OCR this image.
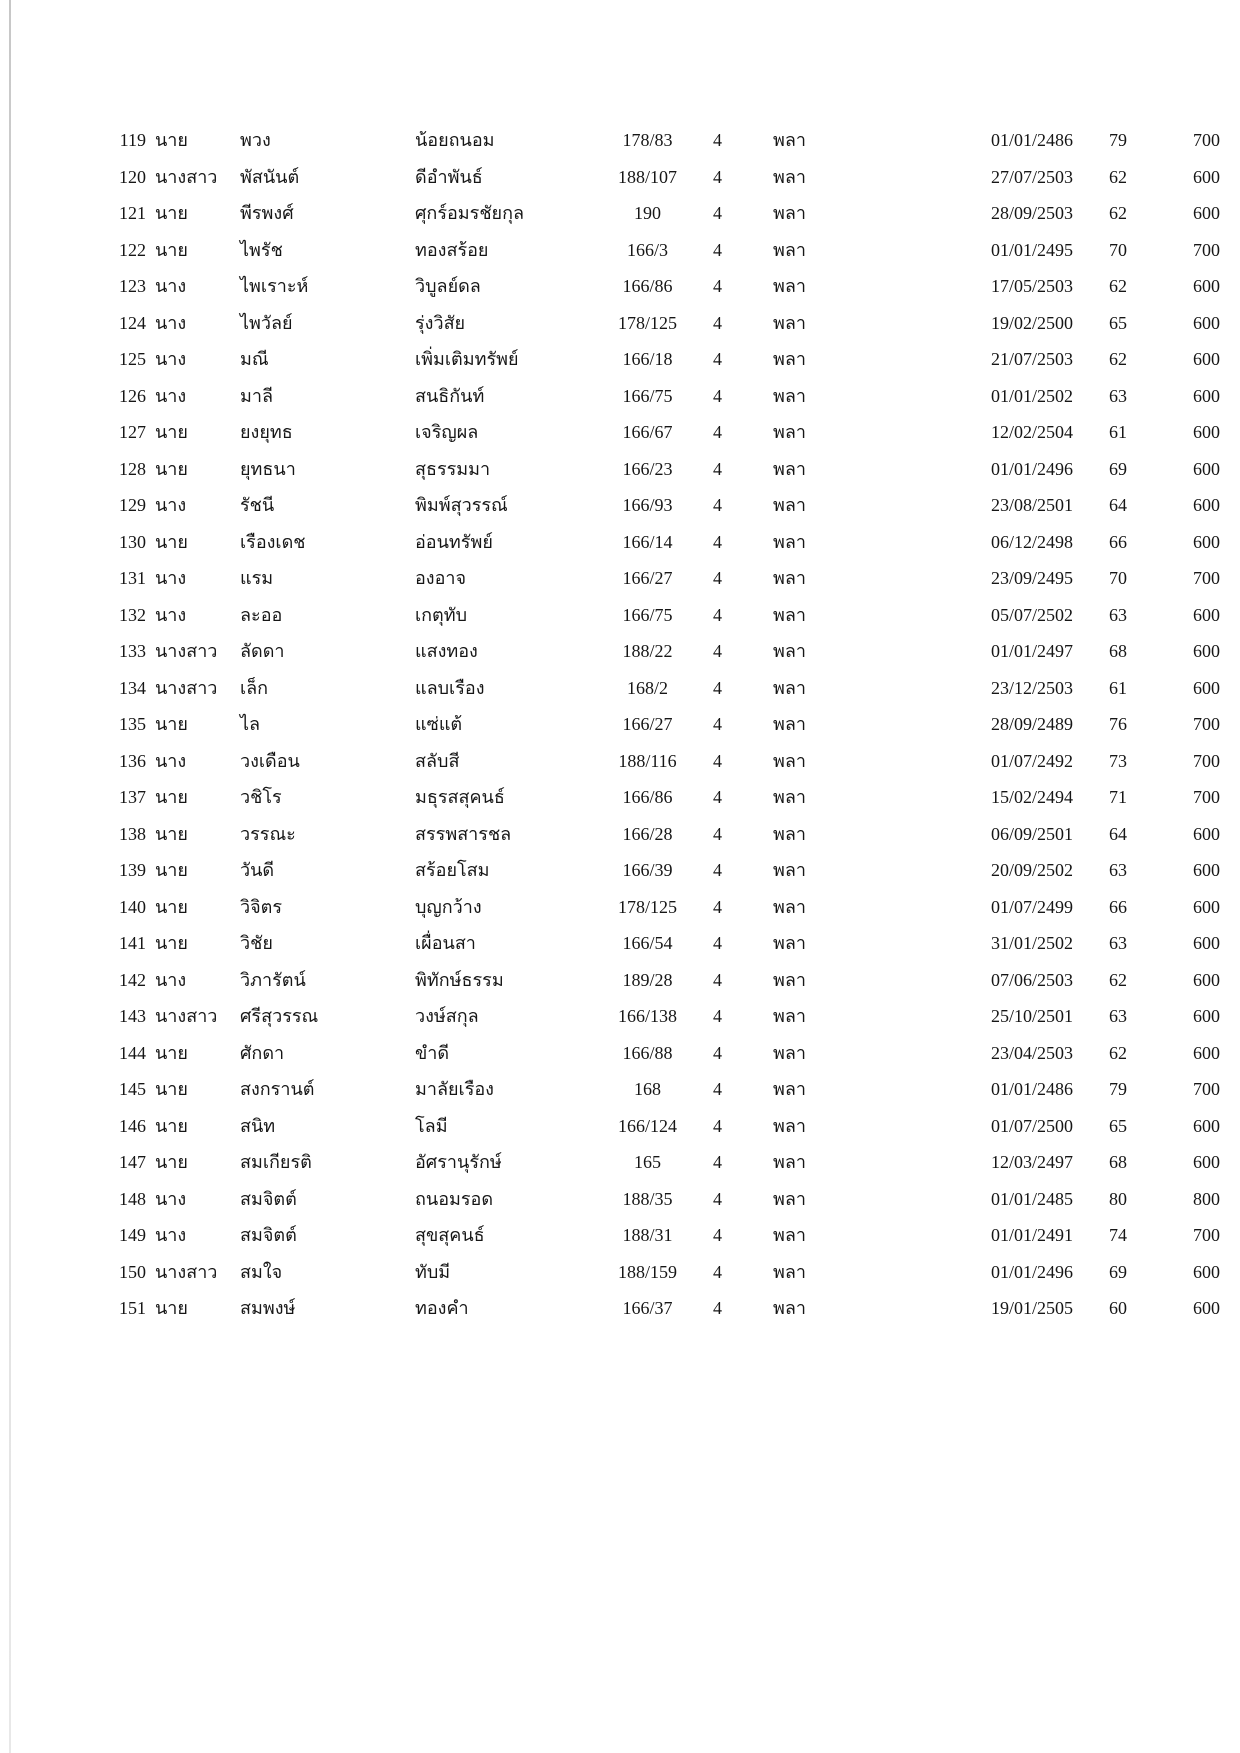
119 นาย	พวง	น้อยถนอม	178/83	4	พลา	01/01/2486	79	700
120 นางสาว	พัสนันต์	ดีอำพันธ์	188/107	4	พลา	27/07/2503	62	600
121 นาย	พีรพงศ์	ศุกร์อมรชัยกุล	190	4	พลา	28/09/2503	62	600
122 นาย	ไพรัช	ทองสร้อย	166/3	4	พลา	01/01/2495	70	700
123 นาง	ไพเราะห์	วิบูลย์ดล	166/86	4	พลา	17/05/2503	62	600
124 นาง	ไพวัลย์	รุ่งวิสัย	178/125	4	พลา	19/02/2500	65	600
125 นาง	มณี	เพิ่มเติมทรัพย์	166/18	4	พลา	21/07/2503	62	600
126 นาง	มาลี	สนธิกันท์	166/75	4	พลา	01/01/2502	63	600
127 นาย	ยงยุทธ	เจริญผล	166/67	4	พลา	12/02/2504	61	600
128 นาย	ยุทธนา	สุธรรมมา	166/23	4	พลา	01/01/2496	69	600
129 นาง	รัชนี	พิมพ์สุวรรณ์	166/93	4	พลา	23/08/2501	64	600
130 นาย	เรืองเดช	อ่อนทรัพย์	166/14	4	พลา	06/12/2498	66	600
131 นาง	แรม	องอาจ	166/27	4	พลา	23/09/2495	70	700
132 นาง	ละออ	เกตุทับ	166/75	4	พลา	05/07/2502	63	600
133 นางสาว	ลัดดา	แสงทอง	188/22	4	พลา	01/01/2497	68	600
134 นางสาว	เล็ก	แลบเรือง	168/2	4	พลา	23/12/2503	61	600
135 นาย	ไล	แซ่แต้	166/27	4	พลา	28/09/2489	76	700
136 นาง	วงเดือน	สลับสี	188/116	4	พลา	01/07/2492	73	700
137 นาย	วชิโร	มธุรสสุคนธ์	166/86	4	พลา	15/02/2494	71	700
138 นาย	วรรณะ	สรรพสารชล	166/28	4	พลา	06/09/2501	64	600
139 นาย	วันดี	สร้อยโสม	166/39	4	พลา	20/09/2502	63	600
140 นาย	วิจิตร	บุญกว้าง	178/125	4	พลา	01/07/2499	66	600
141 นาย	วิชัย	เผื่อนสา	166/54	4	พลา	31/01/2502	63	600
142 นาง	วิภารัตน์	พิทักษ์ธรรม	189/28	4	พลา	07/06/2503	62	600
143 นางสาว	ศรีสุวรรณ	วงษ์สกุล	166/138	4	พลา	25/10/2501	63	600
144 นาย	ศักดา	ขำดี	166/88	4	พลา	23/04/2503	62	600
145 นาย	สงกรานต์	มาลัยเรือง	168	4	พลา	01/01/2486	79	700
146 นาย	สนิท	โลมี	166/124	4	พลา	01/07/2500	65	600
147 นาย	สมเกียรติ	อัศรานุรักษ์	165	4	พลา	12/03/2497	68	600
148 นาง	สมจิตต์	ถนอมรอด	188/35	4	พลา	01/01/2485	80	800
149 นาง	สมจิตต์	สุขสุคนธ์	188/31	4	พลา	01/01/2491	74	700
150 นางสาว	สมใจ	ทับมี	188/159	4	พลา	01/01/2496	69	600
151 นาย	สมพงษ์	ทองคำ	166/37	4	พลา	19/01/2505	60	600
